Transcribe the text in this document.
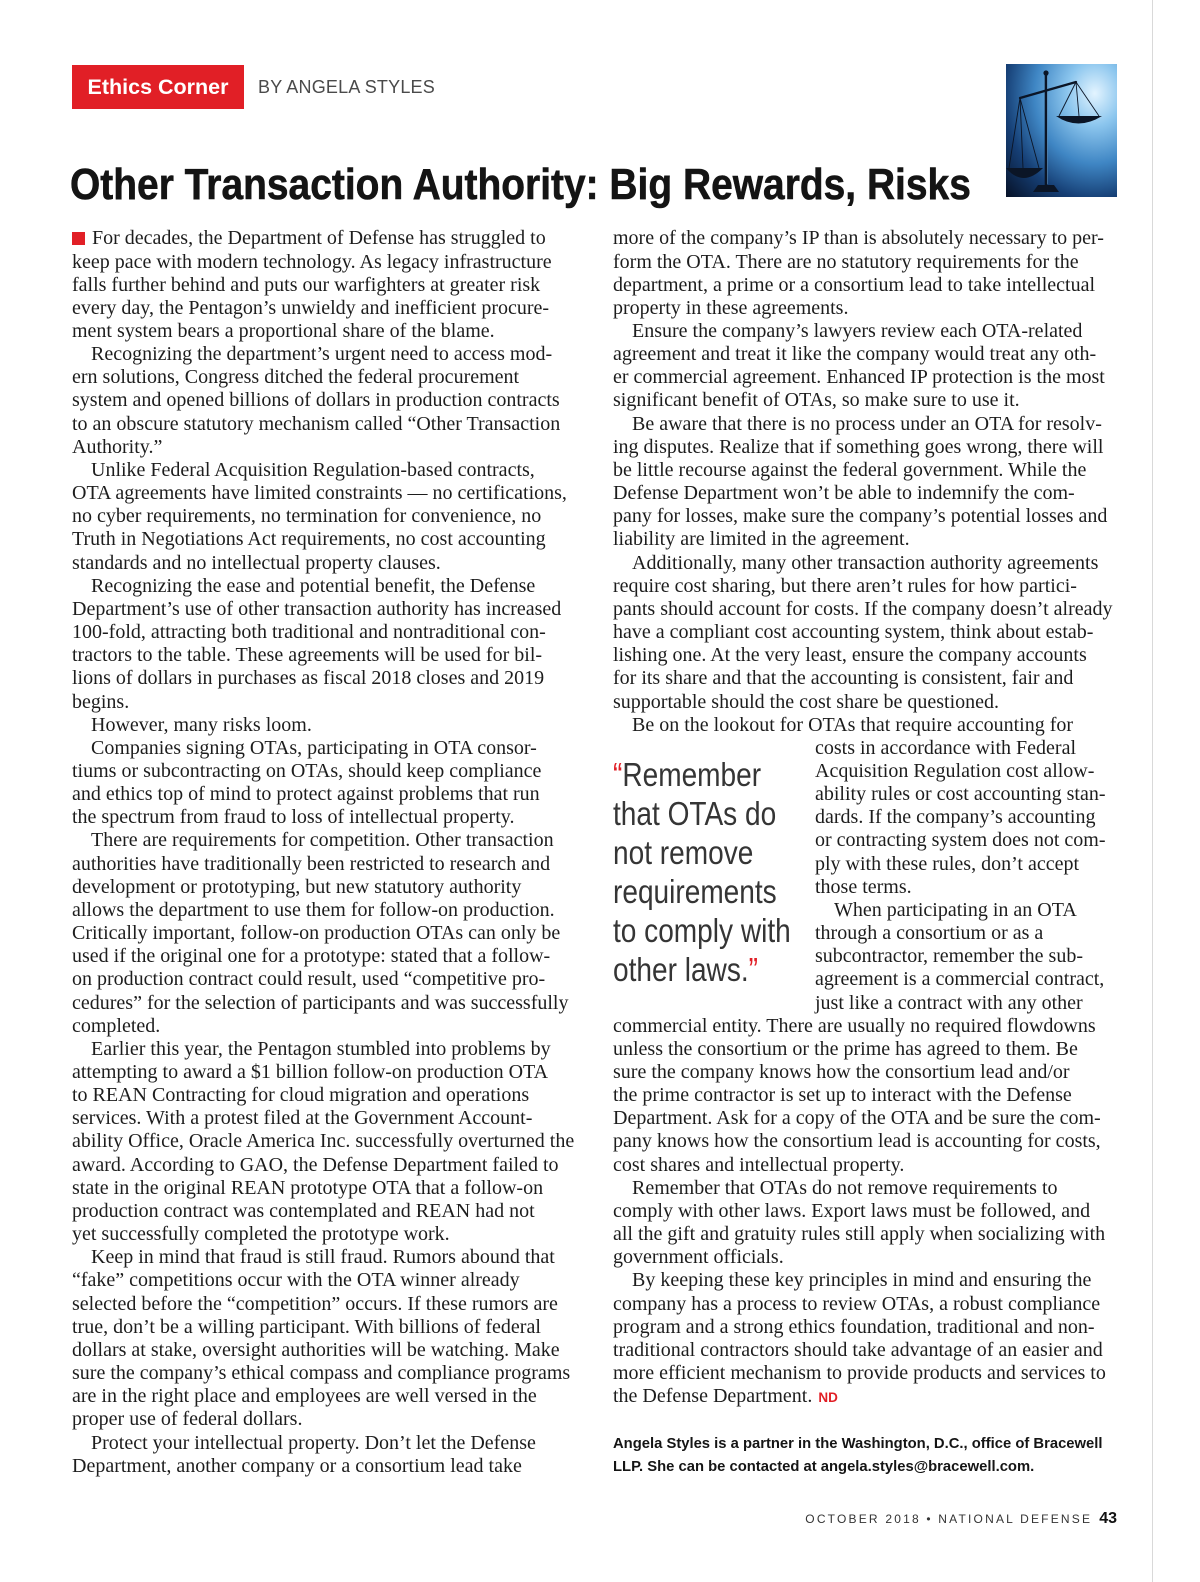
Ethics Corner	BY ANGELA STYLES
Other Transaction Authority: Big Rewards, Risks
For decades, the Department of Defense has struggled to
keep pace with modern technology. As legacy infrastructure
falls further behind and puts our warfighters at greater risk
every day, the Pentagon’s unwieldy and inefficient procure-
ment system bears a proportional share of the blame.
Recognizing the department’s urgent need to access mod-
ern solutions, Congress ditched the federal procurement
system and opened billions of dollars in production contracts
to an obscure statutory mechanism called “Other Transaction
Authority.”
Unlike Federal Acquisition Regulation-based contracts,
OTA agreements have limited constraints — no certifications,
no cyber requirements, no termination for convenience, no
Truth in Negotiations Act requirements, no cost accounting
standards and no intellectual property clauses.
Recognizing the ease and potential benefit, the Defense
Department’s use of other transaction authority has increased
100-fold, attracting both traditional and nontraditional con-
tractors to the table. These agreements will be used for bil-
lions of dollars in purchases as fiscal 2018 closes and 2019
begins.
However, many risks loom.
Companies signing OTAs, participating in OTA consor-
tiums or subcontracting on OTAs, should keep compliance
and ethics top of mind to protect against problems that run
the spectrum from fraud to loss of intellectual property.
There are requirements for competition. Other transaction
authorities have traditionally been restricted to research and
development or prototyping, but new statutory authority
allows the department to use them for follow-on production.
Critically important, follow-on production OTAs can only be
used if the original one for a prototype: stated that a follow-
on production contract could result, used “competitive pro-
cedures” for the selection of participants and was successfully
completed.
Earlier this year, the Pentagon stumbled into problems by
attempting to award a $1 billion follow-on production OTA
to REAN Contracting for cloud migration and operations
services. With a protest filed at the Government Account-
ability Office, Oracle America Inc. successfully overturned the
award. According to GAO, the Defense Department failed to
state in the original REAN prototype OTA that a follow-on
production contract was contemplated and REAN had not
yet successfully completed the prototype work.
Keep in mind that fraud is still fraud. Rumors abound that
“fake” competitions occur with the OTA winner already
selected before the “competition” occurs. If these rumors are
true, don’t be a willing participant. With billions of federal
dollars at stake, oversight authorities will be watching. Make
sure the company’s ethical compass and compliance programs
are in the right place and employees are well versed in the
proper use of federal dollars.
Protect your intellectual property. Don’t let the Defense
Department, another company or a consortium lead take
more of the company’s IP than is absolutely necessary to per-
form the OTA. There are no statutory requirements for the
department, a prime or a consortium lead to take intellectual
property in these agreements.
Ensure the company’s lawyers review each OTA-related
agreement and treat it like the company would treat any oth-
er commercial agreement. Enhanced IP protection is the most
significant benefit of OTAs, so make sure to use it.
Be aware that there is no process under an OTA for resolv-
ing disputes. Realize that if something goes wrong, there will
be little recourse against the federal government. While the
Defense Department won’t be able to indemnify the com-
pany for losses, make sure the company’s potential losses and
liability are limited in the agreement.
Additionally, many other transaction authority agreements
require cost sharing, but there aren’t rules for how partici-
pants should account for costs. If the company doesn’t already
have a compliant cost accounting system, think about estab-
lishing one. At the very least, ensure the company accounts
for its share and that the accounting is consistent, fair and
supportable should the cost share be questioned.
Be on the lookout for OTAs that require accounting for
costs in accordance with Federal
Acquisition Regulation cost allow-
ability rules or cost accounting stan-
dards. If the company’s accounting
or contracting system does not com-
ply with these rules, don’t accept
those terms.
When participating in an OTA
through a consortium or as a
subcontractor, remember the sub-
agreement is a commercial contract,
just like a contract with any other
commercial entity. There are usually no required flowdowns
unless the consortium or the prime has agreed to them. Be
sure the company knows how the consortium lead and/or
the prime contractor is set up to interact with the Defense
Department. Ask for a copy of the OTA and be sure the com-
pany knows how the consortium lead is accounting for costs,
cost shares and intellectual property.
Remember that OTAs do not remove requirements to
comply with other laws. Export laws must be followed, and
all the gift and gratuity rules still apply when socializing with
government officials.
By keeping these key principles in mind and ensuring the
company has a process to review OTAs, a robust compliance
program and a strong ethics foundation, traditional and non-
traditional contractors should take advantage of an easier and
more efficient mechanism to provide products and services to
the Defense Department. ND
“Remember
that OTAs do
not remove
requirements
to comply with
other laws.”
Angela Styles is a partner in the Washington, D.C., office of Bracewell
LLP. She can be contacted at angela.styles@bracewell.com.
OCTOBER 2018 • NATIONAL DEFENSE 43
